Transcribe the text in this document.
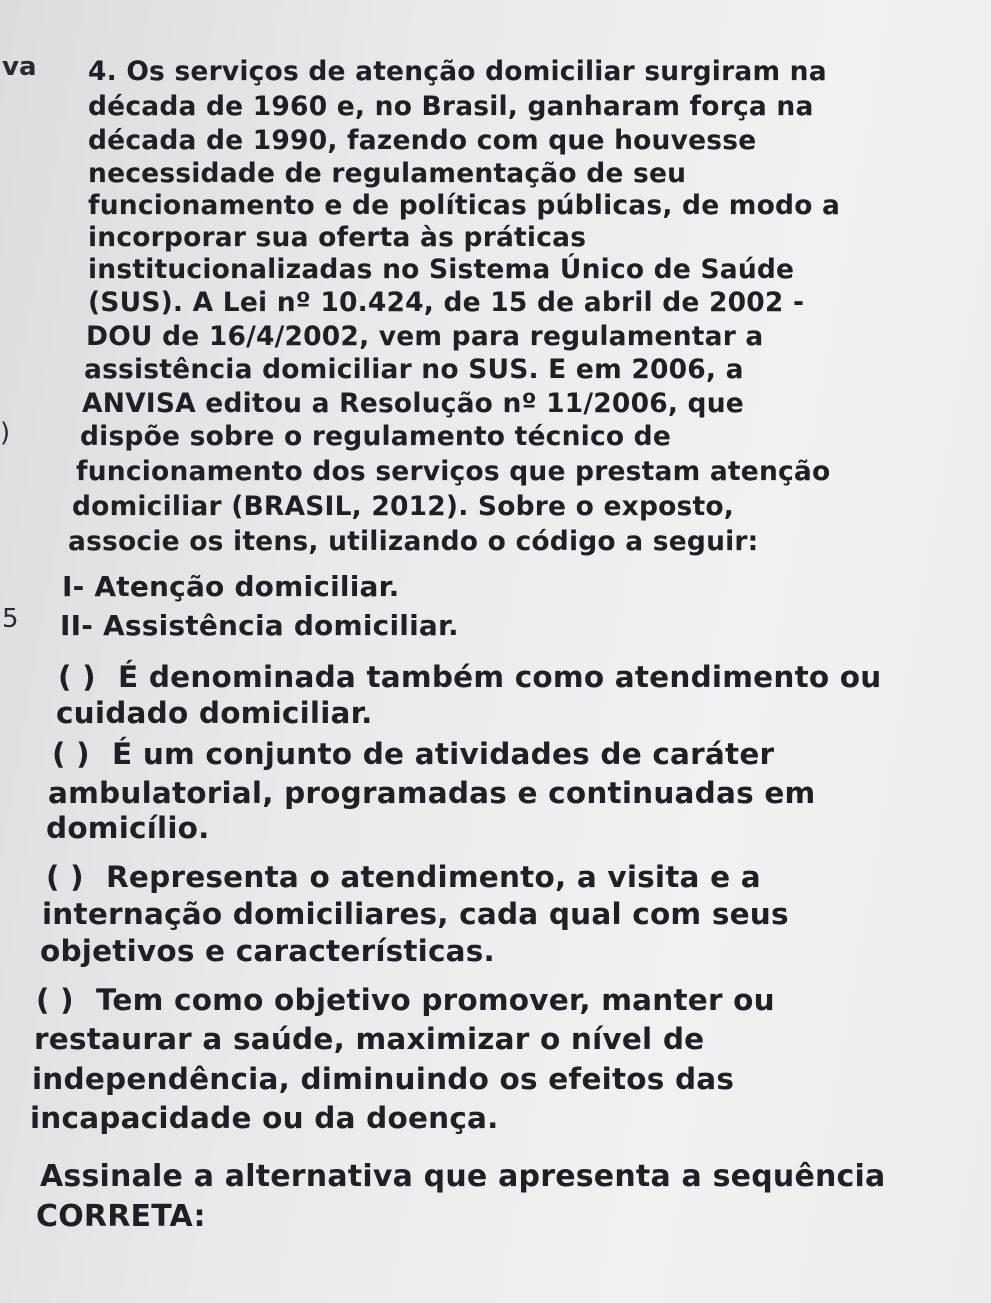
va
)
5
4. Os serviços de atenção domiciliar surgiram na
década de 1960 e, no Brasil, ganharam força na
década de 1990, fazendo com que houvesse
necessidade de regulamentação de seu
funcionamento e de políticas públicas, de modo a
incorporar sua oferta às práticas
institucionalizadas no Sistema Único de Saúde
(SUS). A Lei nº 10.424, de 15 de abril de 2002 -
DOU de 16/4/2002, vem para regulamentar a
assistência domiciliar no SUS. E em 2006, a
ANVISA editou a Resolução nº 11/2006, que
dispõe sobre o regulamento técnico de
funcionamento dos serviços que prestam atenção
domiciliar (BRASIL, 2012). Sobre o exposto,
associe os itens, utilizando o código a seguir:
I- Atenção domiciliar.
II- Assistência domiciliar.
( ) É denominada também como atendimento ou
cuidado domiciliar.
( ) É um conjunto de atividades de caráter
ambulatorial, programadas e continuadas em
domicílio.
( ) Representa o atendimento, a visita e a
internação domiciliares, cada qual com seus
objetivos e características.
( ) Tem como objetivo promover, manter ou
restaurar a saúde, maximizar o nível de
independência, diminuindo os efeitos das
incapacidade ou da doença.
Assinale a alternativa que apresenta a sequência
CORRETA:
